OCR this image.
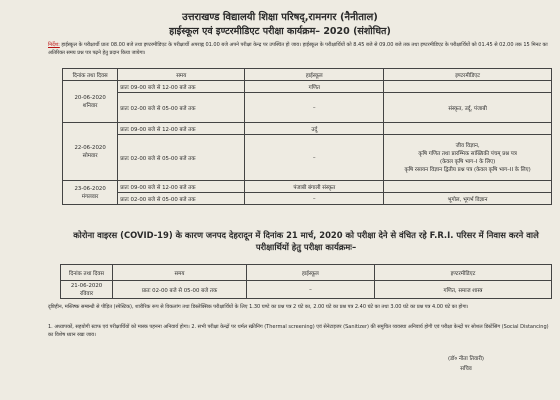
उत्तराखण्ड विद्यालयी शिक्षा परिषद्,रामनगर (नैनीताल)
हाईस्कूल एवं इण्टरमीडिएट परीक्षा कार्यक्रम– 2020 (संशोधित)
निर्देश: हाईस्कूल के परीक्षार्थी प्रातः 08.00 बजे तथा इण्टरमीडिएट के परीक्षार्थी अपराह्न 01.00 बजे अपने परीक्षा केन्द्र पर उपस्थित हो जाय। हाईस्कूल के परीक्षार्थियों को 8.45 बजे से 09.00 बजे तक तथा इण्टरमीडिएट के परीक्षार्थियों को 01.45 से 02.00 तक 15 मिनट का अतिरिक्त समय प्रश्न पत्र पढ़ने हेतु प्रदान किया जायेगा।
दिनांक तथा दिवस	समय	हाईस्कूल	इण्टरमीडिएट

20-06-2020
शनिवार	प्रातः 09-00 बजे से 12-00 बजे तक	गणित	
	प्रातः 02-00 बजे से 05-00 बजे तक	–	संस्कृत, उर्दू, पंजाबी

22-06-2020
सोमवार	प्रातः 09-00 बजे से 12-00 बजे तक	उर्दू	
	प्रातः 02-00 बजे से 05-00 बजे तक	–	जीव विज्ञान,
कृषि गणित तथा प्रारम्भिक सांख्यिकी पंचम् प्रश्न पत्र
(केवल कृषि भाग–I के लिए)
कृषि रसायन विज्ञान द्वितीय प्रश्न पत्र (केवल कृषि भाग–II के लिए)

23-06-2020
मंगलवार	प्रातः 09-00 बजे से 12-00 बजे तक	पंजाबी बंगाली संस्कृत	
	प्रातः 02-00 बजे से 05-00 बजे तक	–	भूगोल, भूगर्भ विज्ञान
कोरोना वाइरस (COVID-19) के कारण जनपद देहरादून में दिनांक 21 मार्च, 2020 को परीक्षा देने से वंचित रहे F.R.I. परिसर में निवास करने वाले परीक्षार्थियों हेतु परीक्षा कार्यक्रमः–
दिनांक तथा दिवस	समय	हाईस्कूल	इण्टरमीडिएट

21-06-2020
रविवार	प्रातः 02-00 बजे से 05-00 बजे तक	–	गणित, समाज शास्त्र
दृष्टिहीन, मस्तिष्क सम्बन्धी से पीड़ित (स्पेस्टिक), शारीरिक रूप से विकलांग तथा डिस्लेक्सिक परीक्षार्थियों के लिए 1.30 घण्टे का प्रश्न पत्र 2 घंटे का, 2.00 घंटे का प्रश्न पत्र 2.40 घंटे का तथा 3.00 घंटे का प्रश्न पत्र 4.00 घंटे का होगा।
1. अध्यापकों, सहयोगी स्टाफ एवं परीक्षार्थियों को मास्क पहनना अनिवार्य होगा। 2. सभी परीक्षा केन्द्रों पर थर्मल स्क्रीनिंग (Thermal screening) एवं सेनेटाइजर (Sanitizer) की समुचित व्यवस्था अनिवार्य होगी एवं परीक्षा केन्द्रों पर सोशल डिस्टेंसिंग (Social Distancing) का विशेष ध्यान रखा जाय।
(डॉ० नीता तिवारी)
सचिव
